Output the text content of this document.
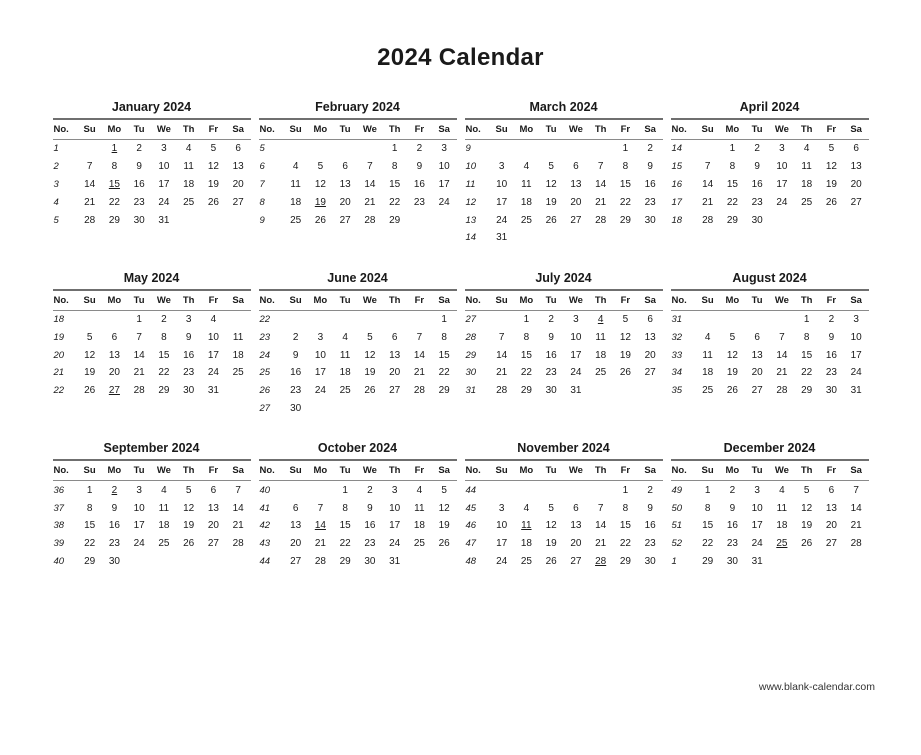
2024 Calendar
January 2024
No.	Su	Mo	Tu	We	Th	Fr	Sa
1		1	2	3	4	5	6
2	7	8	9	10	11	12	13
3	14	15	16	17	18	19	20
4	21	22	23	24	25	26	27
5	28	29	30	31			
February 2024
No.	Su	Mo	Tu	We	Th	Fr	Sa
5					1	2	3
6	4	5	6	7	8	9	10
7	11	12	13	14	15	16	17
8	18	19	20	21	22	23	24
9	25	26	27	28	29		
March 2024
No.	Su	Mo	Tu	We	Th	Fr	Sa
9						1	2
10	3	4	5	6	7	8	9
11	10	11	12	13	14	15	16
12	17	18	19	20	21	22	23
13	24	25	26	27	28	29	30
14	31						
April 2024
No.	Su	Mo	Tu	We	Th	Fr	Sa
14		1	2	3	4	5	6
15	7	8	9	10	11	12	13
16	14	15	16	17	18	19	20
17	21	22	23	24	25	26	27
18	28	29	30				
May 2024
No.	Su	Mo	Tu	We	Th	Fr	Sa
18			1	2	3	4	
19	5	6	7	8	9	10	11
20	12	13	14	15	16	17	18
21	19	20	21	22	23	24	25
22	26	27	28	29	30	31	
June 2024
No.	Su	Mo	Tu	We	Th	Fr	Sa
22							1
23	2	3	4	5	6	7	8
24	9	10	11	12	13	14	15
25	16	17	18	19	20	21	22
26	23	24	25	26	27	28	29
27	30						
July 2024
No.	Su	Mo	Tu	We	Th	Fr	Sa
27		1	2	3	4	5	6
28	7	8	9	10	11	12	13
29	14	15	16	17	18	19	20
30	21	22	23	24	25	26	27
31	28	29	30	31			
August 2024
No.	Su	Mo	Tu	We	Th	Fr	Sa
31					1	2	3
32	4	5	6	7	8	9	10
33	11	12	13	14	15	16	17
34	18	19	20	21	22	23	24
35	25	26	27	28	29	30	31
September 2024
No.	Su	Mo	Tu	We	Th	Fr	Sa
36	1	2	3	4	5	6	7
37	8	9	10	11	12	13	14
38	15	16	17	18	19	20	21
39	22	23	24	25	26	27	28
40	29	30					
October 2024
No.	Su	Mo	Tu	We	Th	Fr	Sa
40			1	2	3	4	5
41	6	7	8	9	10	11	12
42	13	14	15	16	17	18	19
43	20	21	22	23	24	25	26
44	27	28	29	30	31		
November 2024
No.	Su	Mo	Tu	We	Th	Fr	Sa
44						1	2
45	3	4	5	6	7	8	9
46	10	11	12	13	14	15	16
47	17	18	19	20	21	22	23
48	24	25	26	27	28	29	30
December 2024
No.	Su	Mo	Tu	We	Th	Fr	Sa
49	1	2	3	4	5	6	7
50	8	9	10	11	12	13	14
51	15	16	17	18	19	20	21
52	22	23	24	25	26	27	28
1	29	30	31				
www.blank-calendar.com
